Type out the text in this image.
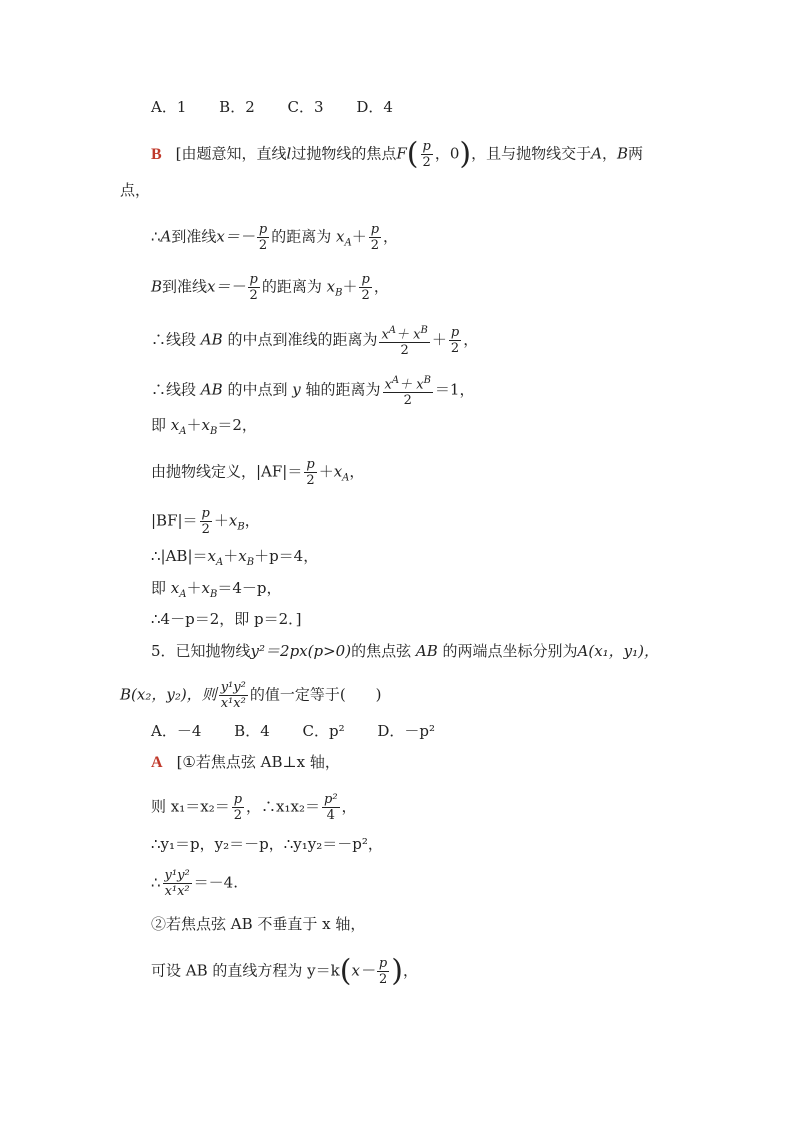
A．1 B．2 C．3 D．4
B [由题意知，直线l过抛物线的焦点$F( \frac{p}{2}$ ，0)，且与抛物线交于A，B两
点，
∴A到准线$x=- \frac{p}{2}$ 的距离为 $x_A+ \frac{p}{2}$ ，
B到准线$x=- \frac{p}{2}$ 的距离为 $x_B+ \frac{p}{2}$ ，
∴线段 AB 的中点到准线的距离为 $\frac{x^A+ x^B}{2} + \frac{p}{2}$ ，
∴线段 AB 的中点到 y 轴的距离为 $\frac{x^A+ x^B}{2} =1$，
即 $x_A+x_B=2$，
由抛物线定义，$|AF|= \frac{p}{2} +x_A$，
$|BF|= \frac{p}{2} +x_B$，
$\therefore|AB|=x_A+x_B+p=4$，
即 $x_A+x_B=4-p$，
∴4－p＝2，即 p＝2．]
5．已知抛物线y²＝2px(p>0)的焦点弦 AB 的两端点坐标分别为A(x₁，y₁)，
B(x₂，y₂)，则 $\frac{\text{y¹y²}}{\text{x¹x²}}$ 的值一定等于(　　)
A．－4 B．4 C．p² D．－p²
A [①若焦点弦 AB⊥x 轴，
则 $x_1=x_2= \frac{p}{2}$ ，∴x₁x₂＝ $\frac{\text{p²}}{4}$ ，
∴y₁＝p，y₂＝－p，∴y₁y₂＝－p²，
∴ $\frac{\text{y¹y²}}{\text{x¹x²}} =-4$.
②若焦点弦 AB 不垂直于 x 轴，
可设 AB 的直线方程为 $y=k(x- \frac{p}{2}$ )，
